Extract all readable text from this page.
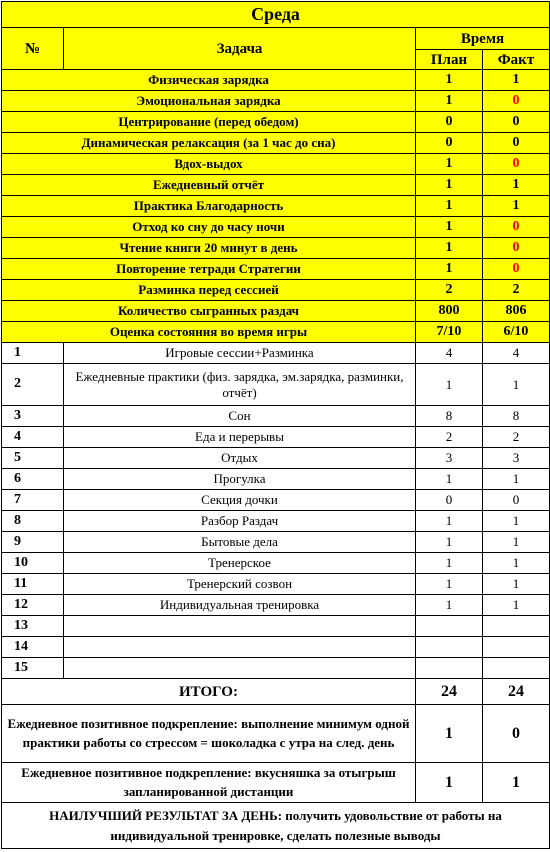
Среда			
№	Задача	Время	
		План	Факт
Физическая зарядка		1	1
Эмоциональная зарядка		1	0
Центрирование (перед обедом)		0	0
Динамическая релаксация (за 1 час до сна)		0	0
Вдох-выдох		1	0
Ежедневный отчёт		1	1
Практика Благодарность		1	1
Отход ко сну до часу ночи		1	0
Чтение книги 20 минут в день		1	0
Повторение тетради Стратегии		1	0
Разминка перед сессией		2	2
Количество сыгранных раздач		800	806
Оценка состояния во время игры		7/10	6/10
1	Игровые сессии+Разминка	4	4
2	Ежедневные практики (физ. зарядка, эм.зарядка, разминки, отчёт)	1	1
3	Сон	8	8
4	Еда и перерывы	2	2
5	Отдых	3	3
6	Прогулка	1	1
7	Секция дочки	0	0
8	Разбор Раздач	1	1
9	Бытовые дела	1	1
10	Тренерское	1	1
11	Тренерский созвон	1	1
12	Индивидуальная тренировка	1	1
13			
14			
15			
ИТОГО:		24	24
Ежедневное позитивное подкрепление: выполнение минимум одной практики работы со стрессом = шоколадка с утра на след. день		1	0
Ежедневное позитивное подкрепление: вкусняшка за отыгрыш запланированной дистанции		1	1
НАИЛУЧШИЙ РЕЗУЛЬТАТ ЗА ДЕНЬ: получить удовольствие от работы на индивидуальной тренировке, сделать полезные выводы			
